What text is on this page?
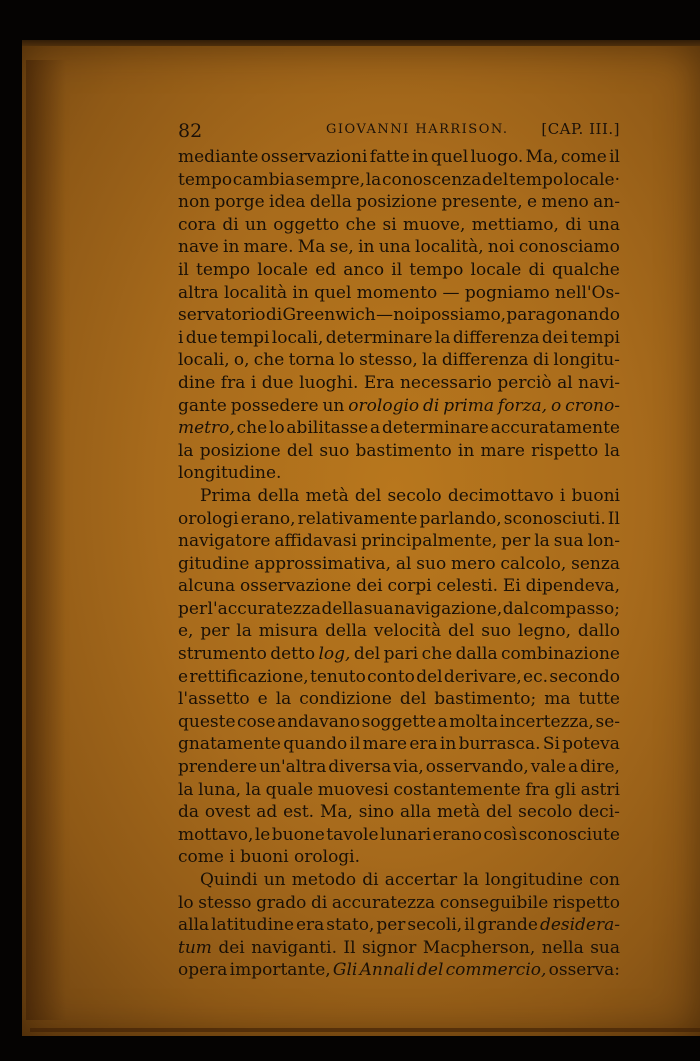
82	GIOVANNI HARRISON. [CAP. III.]
mediante osservazioni fatte in quel luogo. Ma, come il
tempo cambia sempre, la conoscenza del tempo locale·
non porge idea della posizione presente, e meno an-
cora di un oggetto che si muove, mettiamo, di una
nave in mare. Ma se, in una località, noi conosciamo
il tempo locale ed anco il tempo locale di qualche
altra località in quel momento — pogniamo nell'Os-
servatorio di Greenwich — noi possiamo, paragonando
i due tempi locali, determinare la differenza dei tempi
locali, o, che torna lo stesso, la differenza di longitu-
dine fra i due luoghi. Era necessario perciò al navi-
gante possedere un orologio di prima forza, o crono-
metro, che lo abilitasse a determinare accuratamente
la posizione del suo bastimento in mare rispetto la
longitudine.
Prima della metà del secolo decimottavo i buoni
orologi erano, relativamente parlando, sconosciuti. Il
navigatore affidavasi principalmente, per la sua lon-
gitudine approssimativa, al suo mero calcolo, senza
alcuna osservazione dei corpi celesti. Ei dipendeva,
per l'accuratezza della sua navigazione, dal compasso;
e, per la misura della velocità del suo legno, dallo
strumento detto log, del pari che dalla combinazione
e rettificazione, tenuto conto del derivare, ec. secondo
l'assetto e la condizione del bastimento; ma tutte
queste cose andavano soggette a molta incertezza, se-
gnatamente quando il mare era in burrasca. Si poteva
prendere un'altra diversa via, osservando, vale a dire,
la luna, la quale muovesi costantemente fra gli astri
da ovest ad est. Ma, sino alla metà del secolo deci-
mottavo, le buone tavole lunari erano così sconosciute
come i buoni orologi.
Quindi un metodo di accertar la longitudine con
lo stesso grado di accuratezza conseguibile rispetto
alla latitudine era stato, per secoli, il grande desidera-
tum dei naviganti. Il signor Macpherson, nella sua
opera importante, Gli Annali del commercio, osserva:
